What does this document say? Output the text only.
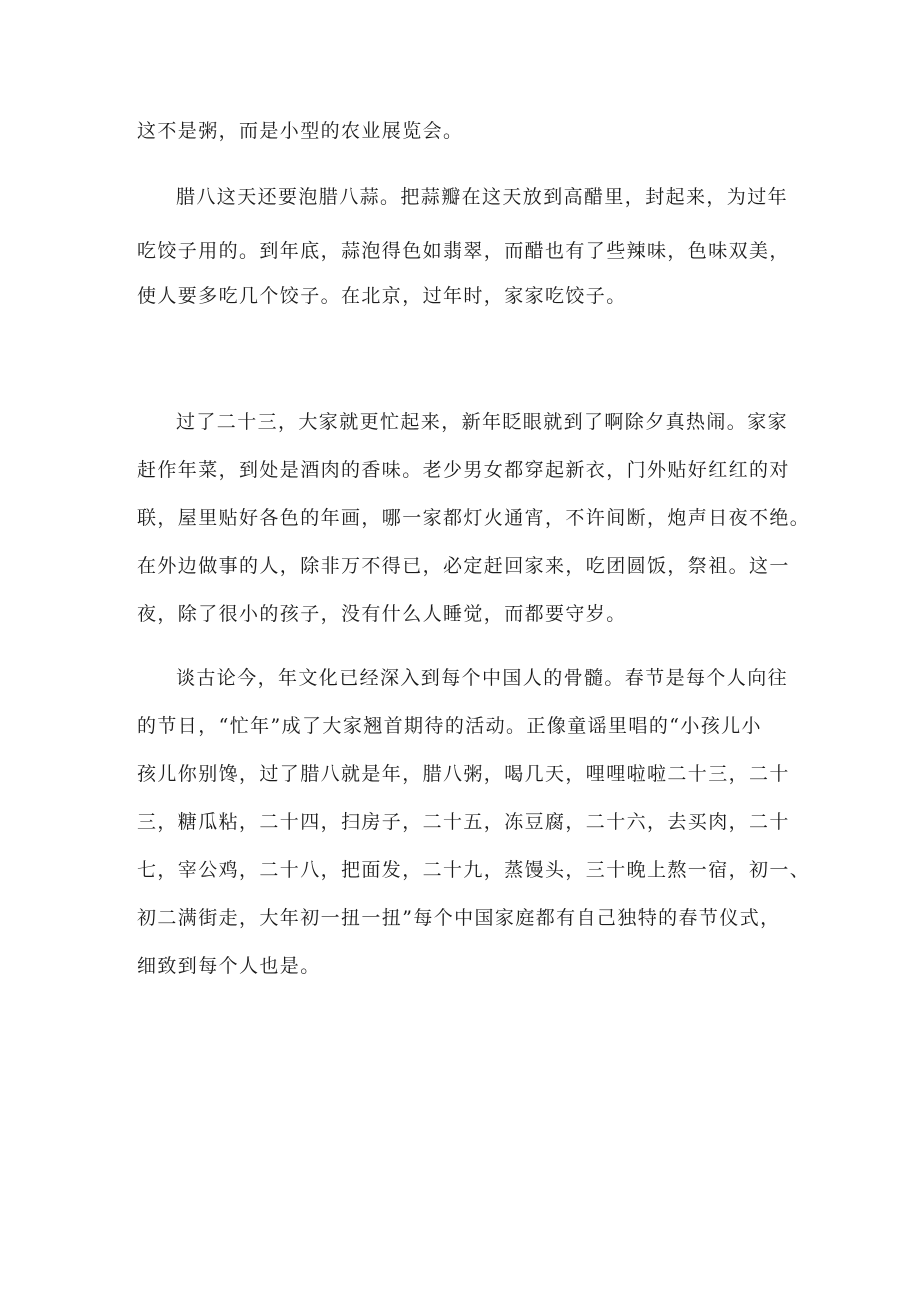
这不是粥，而是小型的农业展览会。

腊八这天还要泡腊八蒜。把蒜瓣在这天放到高醋里，封起来，为过年

吃饺子用的。到年底，蒜泡得色如翡翠，而醋也有了些辣味，色味双美，

使人要多吃几个饺子。在北京，过年时，家家吃饺子。

过了二十三，大家就更忙起来，新年眨眼就到了啊除夕真热闹。家家

赶作年菜，到处是酒肉的香味。老少男女都穿起新衣，门外贴好红红的对

联，屋里贴好各色的年画，哪一家都灯火通宵，不许间断，炮声日夜不绝。

在外边做事的人，除非万不得已，必定赶回家来，吃团圆饭，祭祖。这一

夜，除了很小的孩子，没有什么人睡觉，而都要守岁。

谈古论今，年文化已经深入到每个中国人的骨髓。春节是每个人向往

的节日，“忙年”成了大家翘首期待的活动。正像童谣里唱的“小孩儿小

孩儿你别馋，过了腊八就是年，腊八粥，喝几天，哩哩啦啦二十三，二十

三，糖瓜粘，二十四，扫房子，二十五，冻豆腐，二十六，去买肉，二十

七，宰公鸡，二十八，把面发，二十九，蒸馒头，三十晚上熬一宿，初一、

初二满街走，大年初一扭一扭”每个中国家庭都有自己独特的春节仪式，

细致到每个人也是。
